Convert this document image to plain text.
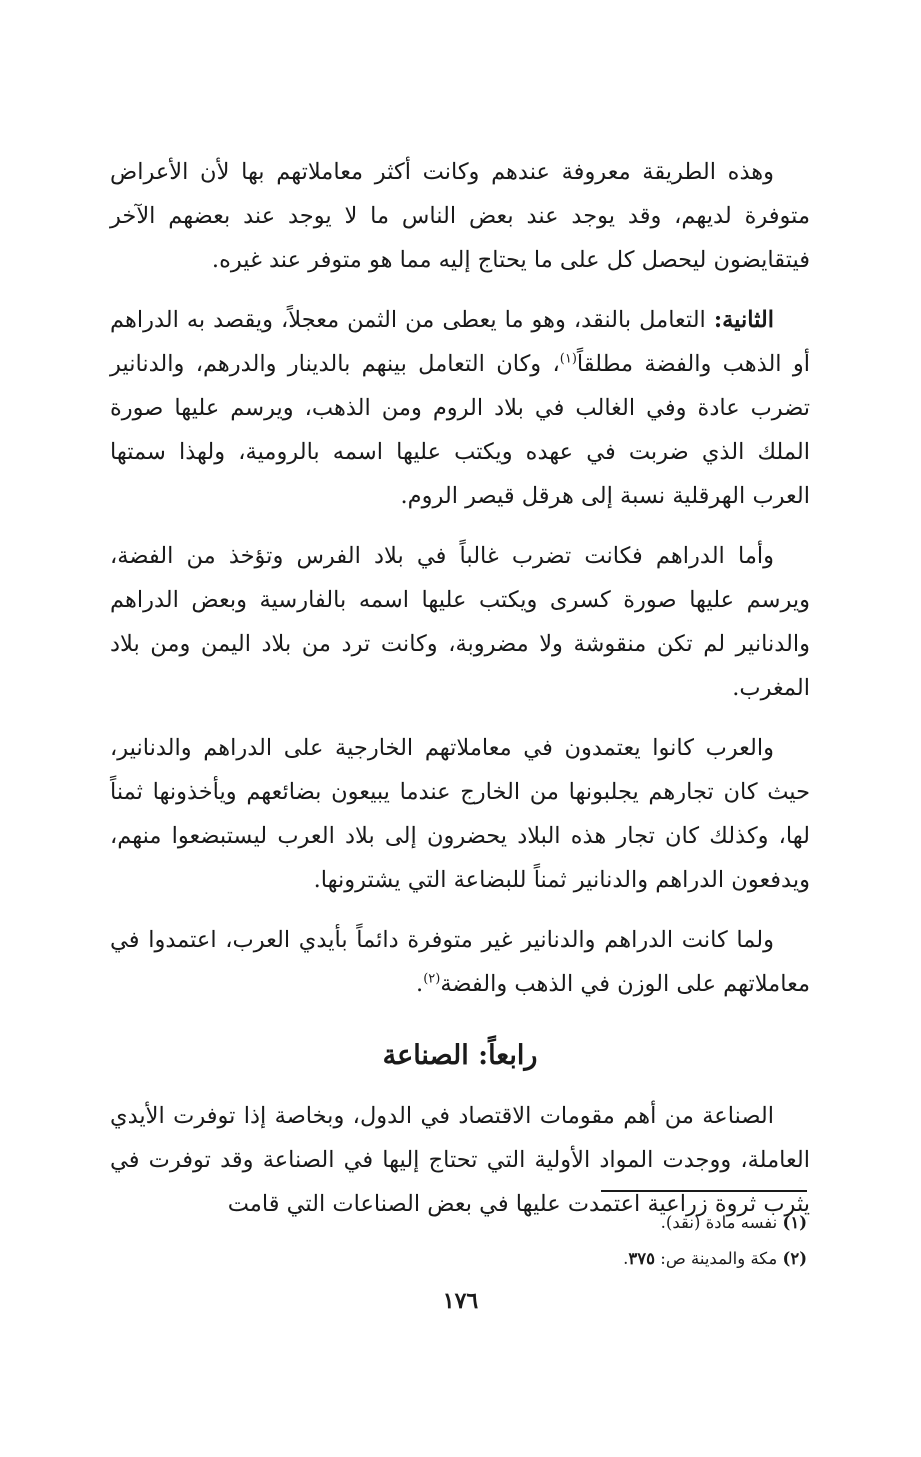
وهذه الطريقة معروفة عندهم وكانت أكثر معاملاتهم بها لأن الأعراض متوفرة لديهم، وقد يوجد عند بعض الناس ما لا يوجد عند بعضهم الآخر فيتقايضون ليحصل كل على ما يحتاج إليه مما هو متوفر عند غيره.

الثانية: التعامل بالنقد، وهو ما يعطى من الثمن معجلاً، ويقصد به الدراهم أو الذهب والفضة مطلقاً$^{(١)}$، وكان التعامل بينهم بالدينار والدرهم، والدنانير تضرب عادة وفي الغالب في بلاد الروم ومن الذهب، ويرسم عليها صورة الملك الذي ضربت في عهده ويكتب عليها اسمه بالرومية، ولهذا سمتها العرب الهرقلية نسبة إلى هرقل قيصر الروم.

وأما الدراهم فكانت تضرب غالباً في بلاد الفرس وتؤخذ من الفضة، ويرسم عليها صورة كسرى ويكتب عليها اسمه بالفارسية وبعض الدراهم والدنانير لم تكن منقوشة ولا مضروبة، وكانت ترد من بلاد اليمن ومن بلاد المغرب.

والعرب كانوا يعتمدون في معاملاتهم الخارجية على الدراهم والدنانير، حيث كان تجارهم يجلبونها من الخارج عندما يبيعون بضائعهم ويأخذونها ثمناً لها، وكذلك كان تجار هذه البلاد يحضرون إلى بلاد العرب ليستبضعوا منهم، ويدفعون الدراهم والدنانير ثمناً للبضاعة التي يشترونها.

ولما كانت الدراهم والدنانير غير متوفرة دائماً بأيدي العرب، اعتمدوا في معاملاتهم على الوزن في الذهب والفضة$^{(٢)}$.

رابعاً: الصناعة

الصناعة من أهم مقومات الاقتصاد في الدول، وبخاصة إذا توفرت الأيدي العاملة، ووجدت المواد الأولية التي تحتاج إليها في الصناعة وقد توفرت في يثرب ثروة زراعية اعتمدت عليها في بعض الصناعات التي قامت

(١) نفسه مادة (نقد).
(٢) مكة والمدينة ص: ٣٧٥.
١٧٦
